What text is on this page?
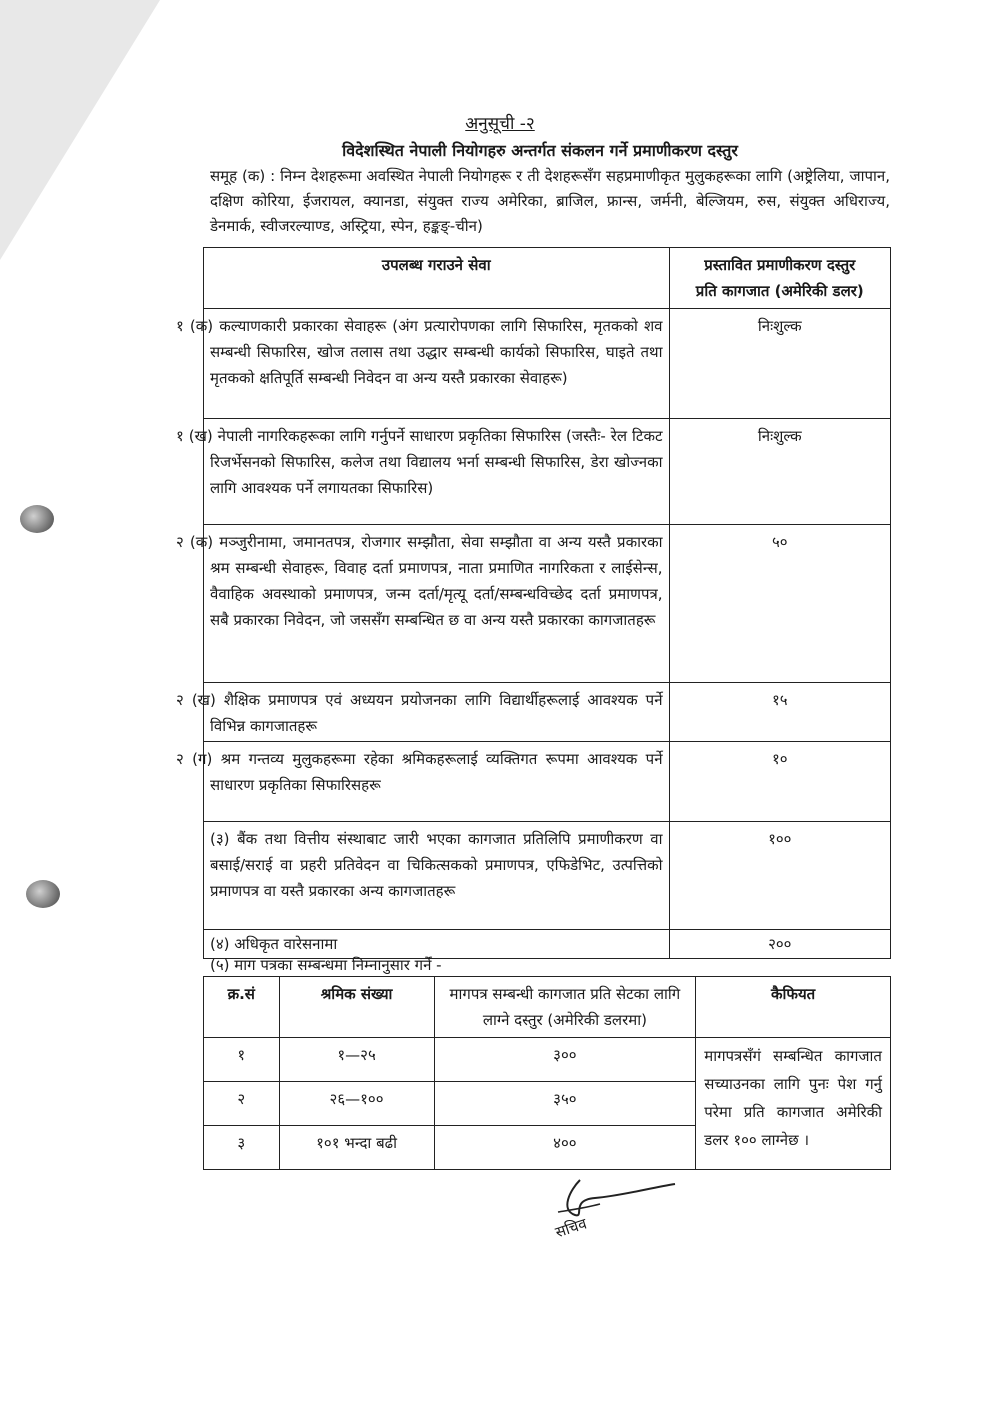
अनुसूची -२
विदेशस्थित नेपाली नियोगहरु अन्तर्गत संकलन गर्ने प्रमाणीकरण दस्तुर
समूह (क) : निम्न देशहरूमा अवस्थित नेपाली नियोगहरू र ती देशहरूसँग सहप्रमाणीकृत मुलुकहरूका लागि (अष्ट्रेलिया, जापान, दक्षिण कोरिया, ईजरायल, क्यानडा, संयुक्त राज्य अमेरिका, ब्राजिल, फ्रान्स, जर्मनी, बेल्जियम, रुस, संयुक्त अधिराज्य, डेनमार्क, स्वीजरल्याण्ड, अस्ट्रिया, स्पेन, हङ्कङ्-चीन)
उपलब्ध गराउने सेवा	प्रस्तावित प्रमाणीकरण दस्तुर
प्रति कागजात (अमेरिकी डलर)

१ (क) कल्याणकारी प्रकारका सेवाहरू (अंग प्रत्यारोपणका लागि सिफारिस, मृतकको शव सम्बन्धी सिफारिस, खोज तलास तथा उद्धार सम्बन्धी कार्यको सिफारिस, घाइते तथा मृतकको क्षतिपूर्ति सम्बन्धी निवेदन वा अन्य यस्तै प्रकारका सेवाहरू)	निःशुल्क
१ (ख) नेपाली नागरिकहरूका लागि गर्नुपर्ने साधारण प्रकृतिका सिफारिस (जस्तैः- रेल टिकट रिजर्भेसनको सिफारिस, कलेज तथा विद्यालय भर्ना सम्बन्धी सिफारिस, डेरा खोज्नका लागि आवश्यक पर्ने लगायतका सिफारिस)	निःशुल्क
२ (क) मञ्जुरीनामा, जमानतपत्र, रोजगार सम्झौता, सेवा सम्झौता वा अन्य यस्तै प्रकारका श्रम सम्बन्धी सेवाहरू, विवाह दर्ता प्रमाणपत्र, नाता प्रमाणित नागरिकता र लाईसेन्स, वैवाहिक अवस्थाको प्रमाणपत्र, जन्म दर्ता/मृत्यू दर्ता/सम्बन्धविच्छेद दर्ता प्रमाणपत्र, सबै प्रकारका निवेदन, जो जससँग सम्बन्धित छ वा अन्य यस्तै प्रकारका कागजातहरू	५०
२ (ख) शैक्षिक प्रमाणपत्र एवं अध्ययन प्रयोजनका लागि विद्यार्थीहरूलाई आवश्यक पर्ने विभिन्न कागजातहरू	१५
२ (ग) श्रम गन्तव्य मुलुकहरूमा रहेका श्रमिकहरूलाई व्यक्तिगत रूपमा आवश्यक पर्ने साधारण प्रकृतिका सिफारिसहरू	१०
(३) बैंक तथा वित्तीय संस्थाबाट जारी भएका कागजात प्रतिलिपि प्रमाणीकरण वा बसाई/सराई वा प्रहरी प्रतिवेदन वा चिकित्सकको प्रमाणपत्र, एफिडेभिट, उत्पत्तिको प्रमाणपत्र वा यस्तै प्रकारका अन्य कागजातहरू	१००
(४) अधिकृत वारेसनामा	२००
(५) माग पत्रका सम्बन्धमा निम्नानुसार गर्ने -
क्र.सं	श्रमिक संख्या	मागपत्र सम्बन्धी कागजात प्रति सेटका लागि लाग्ने दस्तुर (अमेरिकी डलरमा)	कैफियत
१	१—२५	३००	मागपत्रसँगं सम्बन्धित कागजात सच्याउनका लागि पुनः पेश गर्नु परेमा प्रति कागजात अमेरिकी डलर १०० लाग्नेछ ।
२	२६—१००	३५०	
३	१०१ भन्दा बढी	४००	
सचिव
